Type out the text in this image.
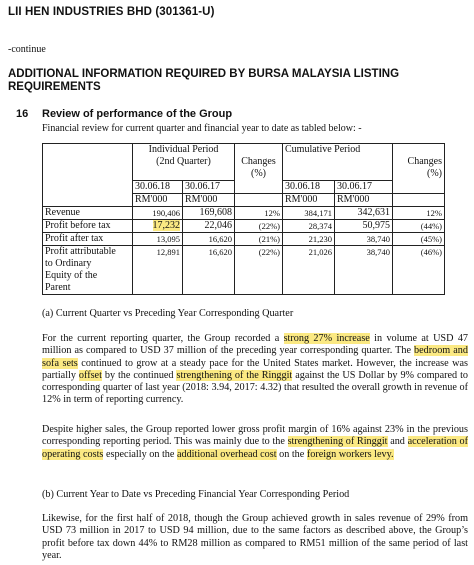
LII HEN INDUSTRIES BHD (301361-U)
-continue
ADDITIONAL INFORMATION REQUIRED BY BURSA MALAYSIA LISTING REQUIREMENTS
16 Review of performance of the Group
Financial review for current quarter and financial year to date as tabled below: -
	Individual Period
(2nd Quarter)		Changes
(%)	Cumulative Period		Changes
(%)
	30.06.18	30.06.17		30.06.18	30.06.17	
	RM'000	RM'000		RM'000	RM'000	
Revenue	190,406	169,608	12%	384,171	342,631	12%
Profit before tax	17,232	22,046	(22%)	28,374	50,975	(44%)
Profit after tax	13,095	16,620	(21%)	21,230	38,740	(45%)
Profit attributable
to Ordinary
Equity of the
Parent	12,891	16,620	(22%)	21,026	38,740	(46%)
(a) Current Quarter vs Preceding Year Corresponding Quarter

For the current reporting quarter, the Group recorded a strong 27% increase in volume at USD 47 million as compared to USD 37 million of the preceding year corresponding quarter. The bedroom and sofa sets continued to grow at a steady pace for the United States market. However, the increase was partially offset by the continued strengthening of the Ringgit against the US Dollar by 9% compared to corresponding quarter of last year (2018: 3.94, 2017: 4.32) that resulted the overall growth in revenue of 12% in term of reporting currency.

Despite higher sales, the Group reported lower gross profit margin of 16% against 23% in the previous corresponding reporting period. This was mainly due to the strengthening of Ringgit and acceleration of operating costs especially on the additional overhead cost on the foreign workers levy.

(b) Current Year to Date vs Preceding Financial Year Corresponding Period
Likewise, for the first half of 2018, though the Group achieved growth in sales revenue of 29% from USD 73 million in 2017 to USD 94 million, due to the same factors as described above, the Group’s profit before tax down 44% to RM28 million as compared to RM51 million of the same period of last year.
